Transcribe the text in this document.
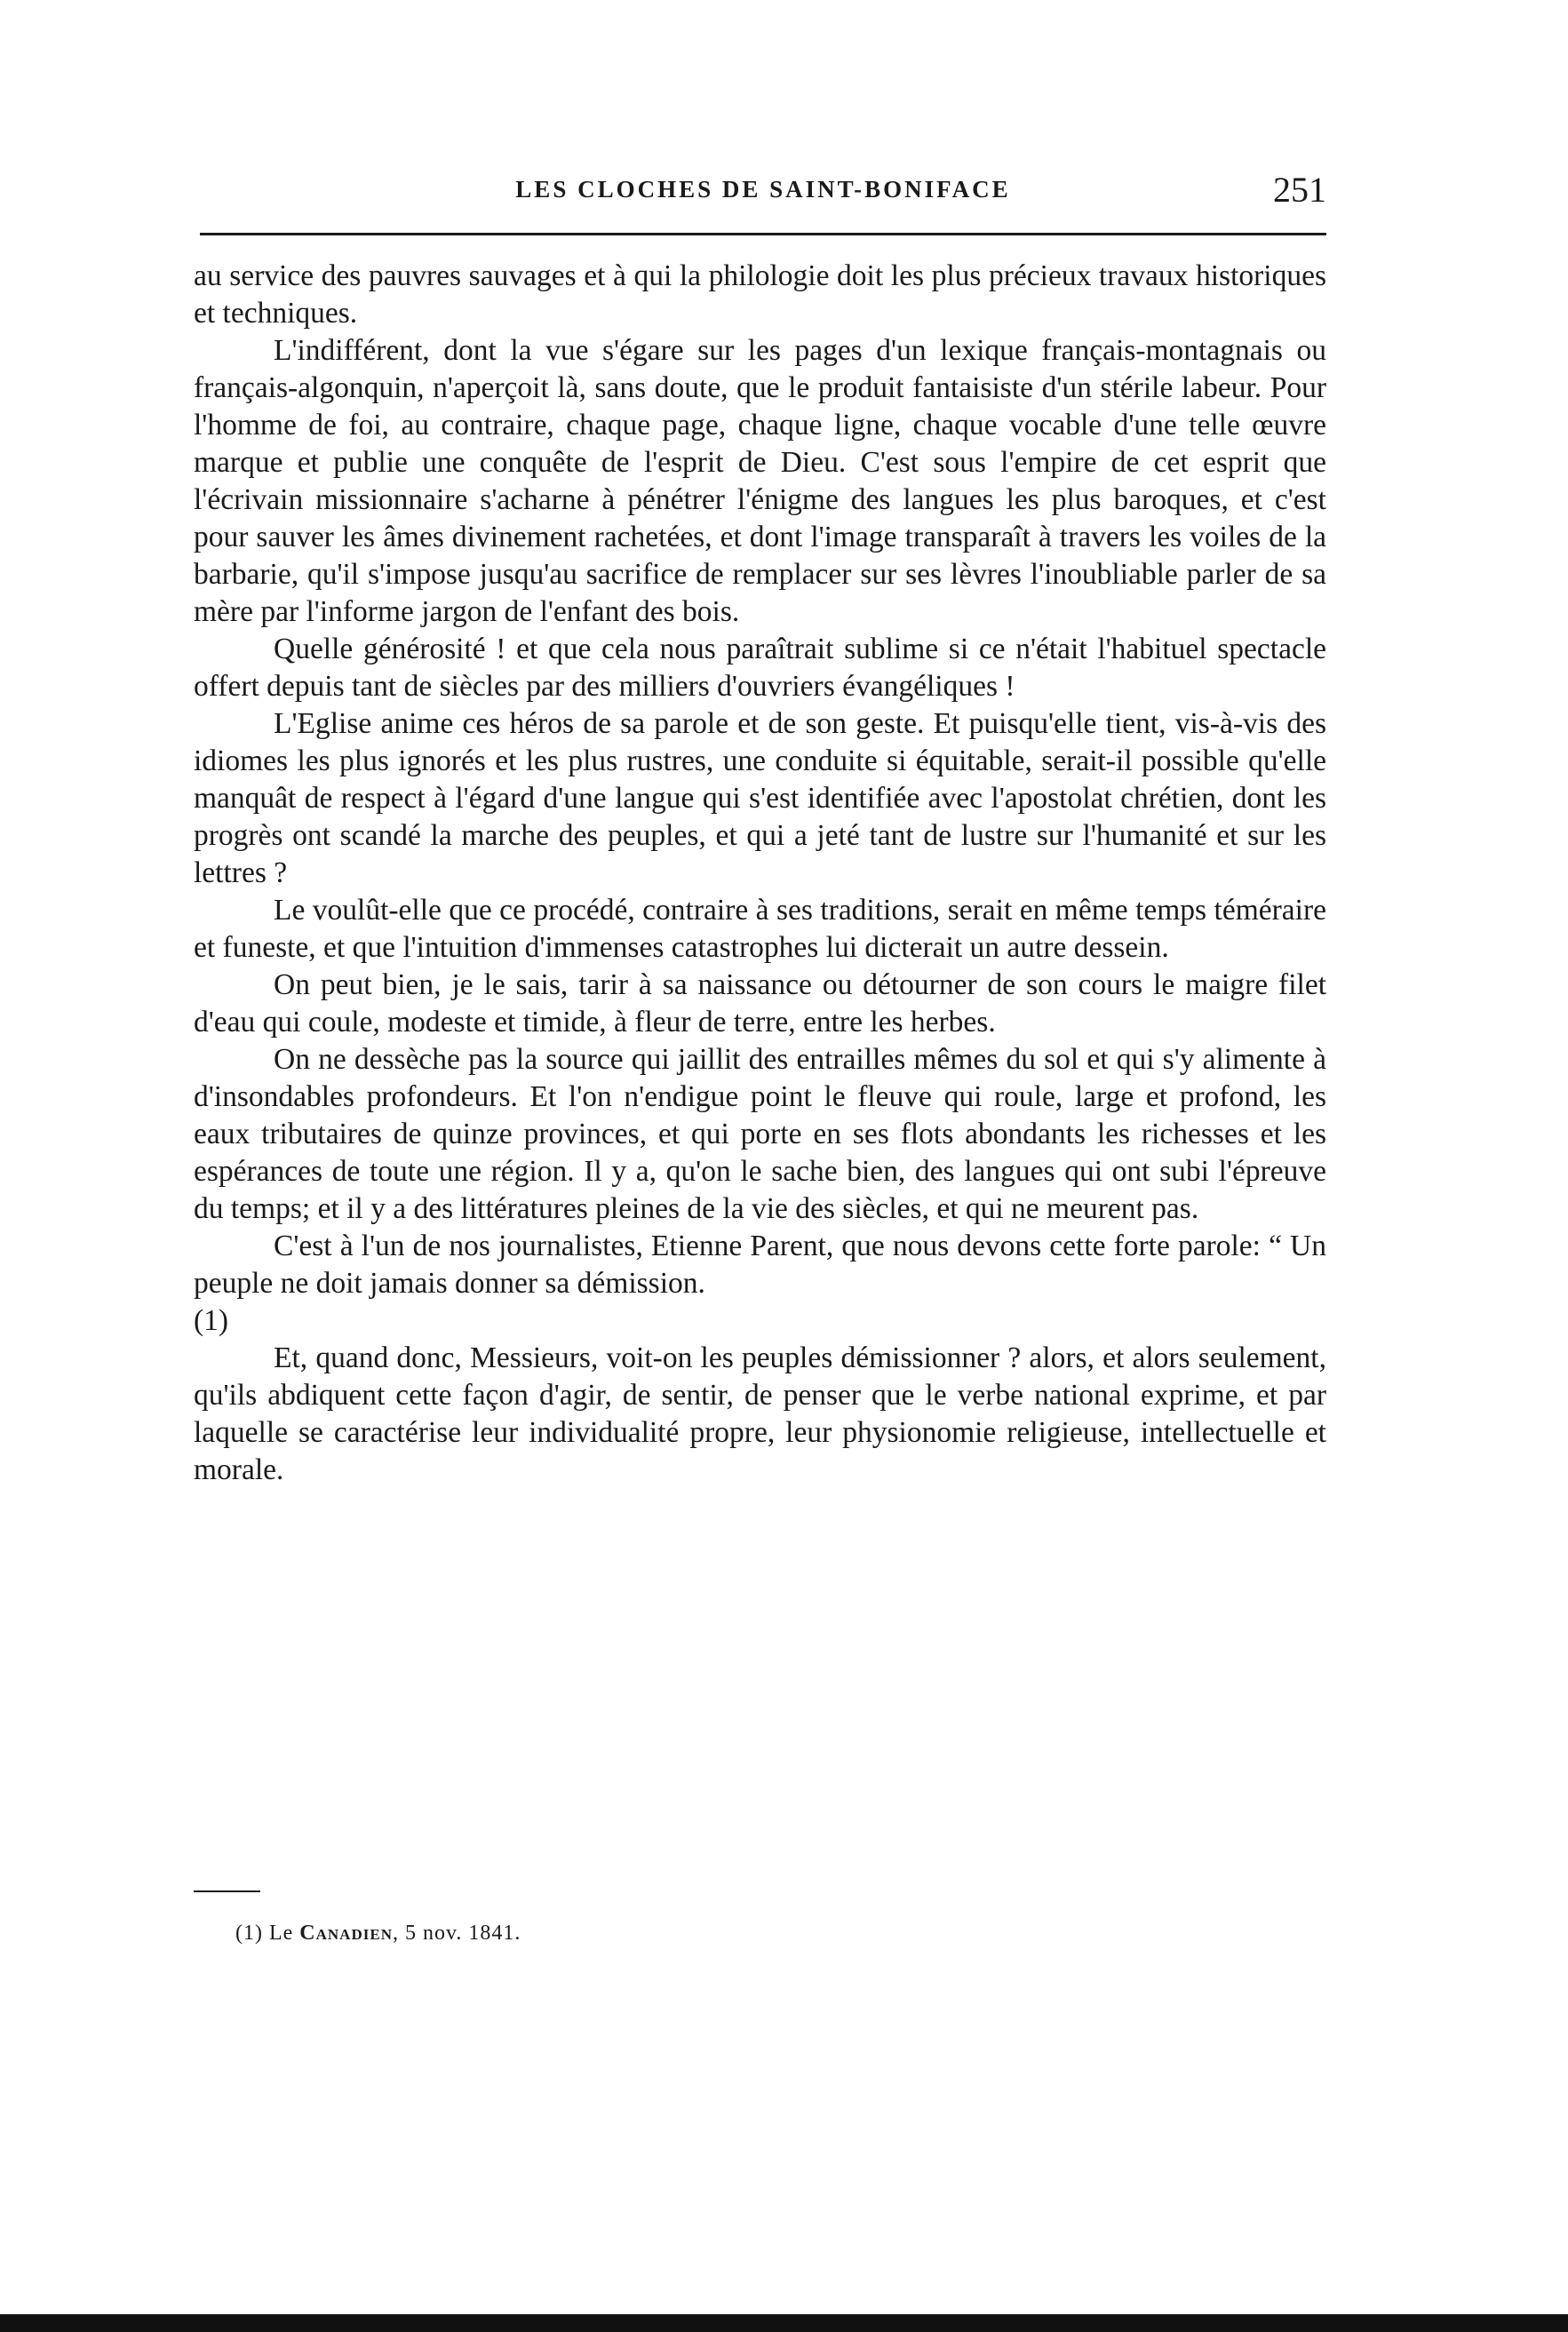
LES CLOCHES DE SAINT-BONIFACE	251

au service des pauvres sauvages et à qui la philologie doit les plus précieux travaux historiques et techniques.

L'indifférent, dont la vue s'égare sur les pages d'un lexique français-montagnais ou français-algonquin, n'aperçoit là, sans doute, que le produit fantaisiste d'un stérile labeur. Pour l'homme de foi, au contraire, chaque page, chaque ligne, chaque vocable d'une telle œuvre marque et publie une conquête de l'esprit de Dieu. C'est sous l'empire de cet esprit que l'écrivain missionnaire s'acharne à pénétrer l'énigme des langues les plus baroques, et c'est pour sauver les âmes divinement rachetées, et dont l'image transparaît à travers les voiles de la barbarie, qu'il s'impose jusqu'au sacrifice de remplacer sur ses lèvres l'inoubliable parler de sa mère par l'informe jargon de l'enfant des bois.

Quelle générosité ! et que cela nous paraîtrait sublime si ce n'était l'habituel spectacle offert depuis tant de siècles par des milliers d'ouvriers évangéliques !

L'Eglise anime ces héros de sa parole et de son geste. Et puisqu'elle tient, vis-à-vis des idiomes les plus ignorés et les plus rustres, une conduite si équitable, serait-il possible qu'elle manquât de respect à l'égard d'une langue qui s'est identifiée avec l'apostolat chrétien, dont les progrès ont scandé la marche des peuples, et qui a jeté tant de lustre sur l'humanité et sur les lettres ?

Le voulût-elle que ce procédé, contraire à ses traditions, serait en même temps téméraire et funeste, et que l'intuition d'immenses catastrophes lui dicterait un autre dessein.

On peut bien, je le sais, tarir à sa naissance ou détourner de son cours le maigre filet d'eau qui coule, modeste et timide, à fleur de terre, entre les herbes.

On ne dessèche pas la source qui jaillit des entrailles mêmes du sol et qui s'y alimente à d'insondables profondeurs. Et l'on n'endigue point le fleuve qui roule, large et profond, les eaux tributaires de quinze provinces, et qui porte en ses flots abondants les richesses et les espérances de toute une région. Il y a, qu'on le sache bien, des langues qui ont subi l'épreuve du temps; et il y a des littératures pleines de la vie des siècles, et qui ne meurent pas.

C'est à l'un de nos journalistes, Etienne Parent, que nous devons cette forte parole: “ Un peuple ne doit jamais donner sa démission.

(1)

Et, quand donc, Messieurs, voit-on les peuples démissionner ? alors, et alors seulement, qu'ils abdiquent cette façon d'agir, de sentir, de penser que le verbe national exprime, et par laquelle se caractérise leur individualité propre, leur physionomie religieuse, intellectuelle et morale.

(1) Le Canadien, 5 nov. 1841.
